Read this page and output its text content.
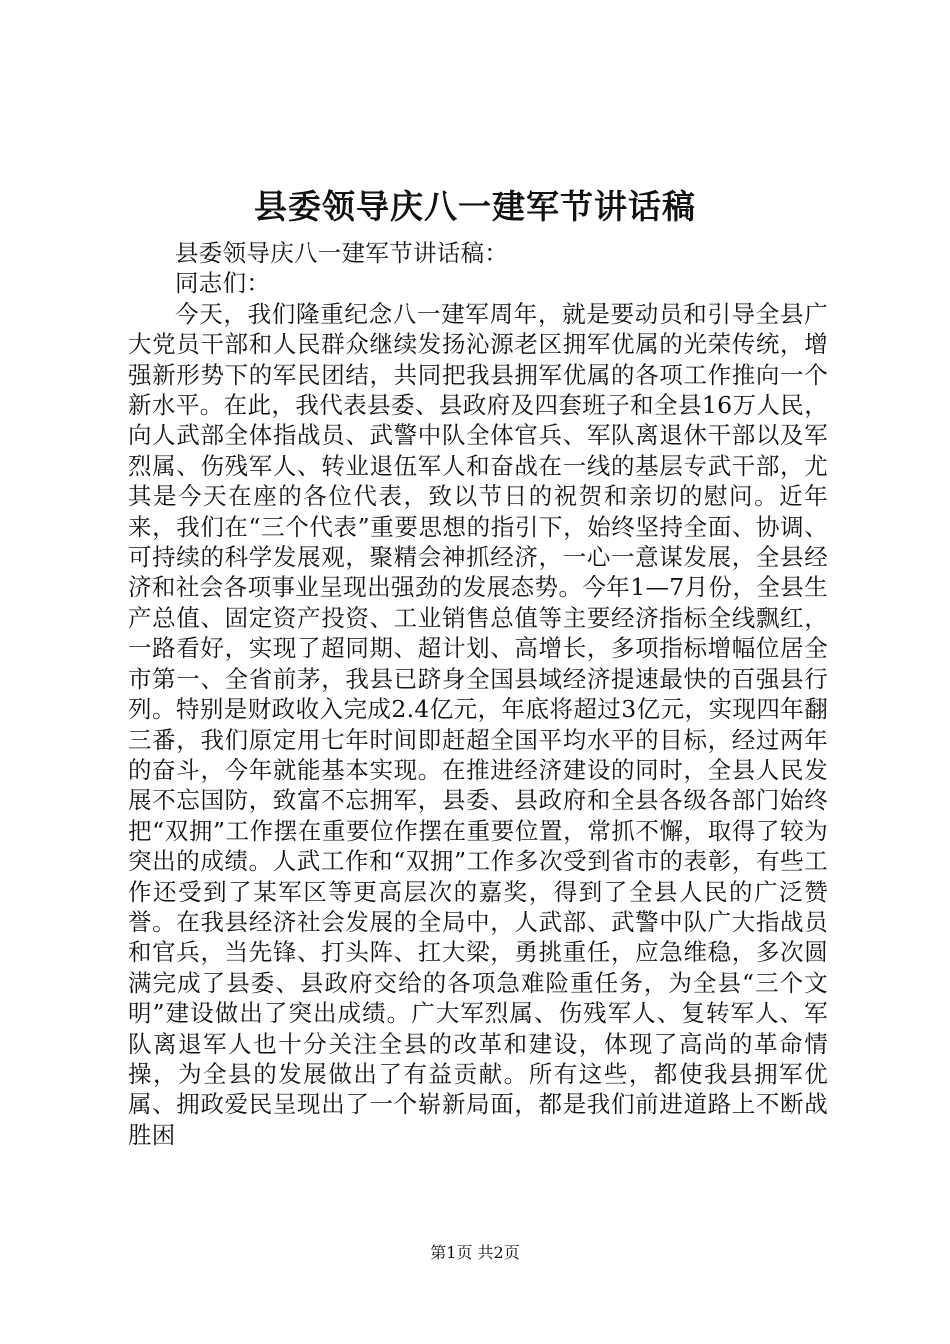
县委领导庆八一建军节讲话稿

县委领导庆八一建军节讲话稿：

同志们：

今天，我们隆重纪念八一建军周年，就是要动员和引导全县广大党员干部和人民群众继续发扬沁源老区拥军优属的光荣传统，增强新形势下的军民团结，共同把我县拥军优属的各项工作推向一个新水平。在此，我代表县委、县政府及四套班子和全县16万人民，向人武部全体指战员、武警中队全体官兵、军队离退休干部以及军烈属、伤残军人、转业退伍军人和奋战在一线的基层专武干部，尤其是今天在座的各位代表，致以节日的祝贺和亲切的慰问。近年来，我们在“三个代表”重要思想的指引下，始终坚持全面、协调、可持续的科学发展观，聚精会神抓经济，一心一意谋发展，全县经济和社会各项事业呈现出强劲的发展态势。今年1—7月份，全县生产总值、固定资产投资、工业销售总值等主要经济指标全线飘红，一路看好，实现了超同期、超计划、高增长，多项指标增幅位居全市第一、全省前茅，我县已跻身全国县域经济提速最快的百强县行列。特别是财政收入完成2.4亿元，年底将超过3亿元，实现四年翻三番，我们原定用七年时间即赶超全国平均水平的目标，经过两年的奋斗，今年就能基本实现。在推进经济建设的同时，全县人民发展不忘国防，致富不忘拥军，县委、县政府和全县各级各部门始终把“双拥”工作摆在重要位作摆在重要位置，常抓不懈，取得了较为突出的成绩。人武工作和“双拥”工作多次受到省市的表彰，有些工作还受到了某军区等更高层次的嘉奖，得到了全县人民的广泛赞誉。在我县经济社会发展的全局中，人武部、武警中队广大指战员和官兵，当先锋、打头阵、扛大梁，勇挑重任，应急维稳，多次圆满完成了县委、县政府交给的各项急难险重任务，为全县“三个文明”建设做出了突出成绩。广大军烈属、伤残军人、复转军人、军队离退军人也十分关注全县的改革和建设，体现了高尚的革命情操，为全县的发展做出了有益贡献。所有这些，都使我县拥军优属、拥政爱民呈现出了一个崭新局面，都是我们前进道路上不断战胜困

第1页 共2页
